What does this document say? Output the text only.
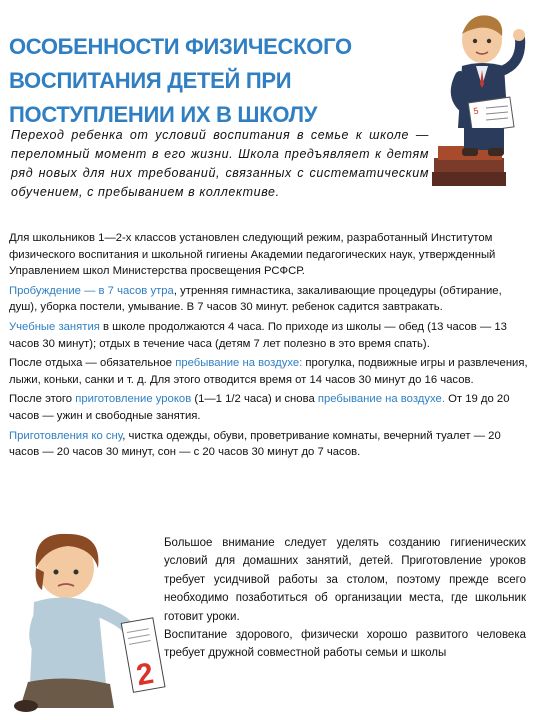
ОСОБЕННОСТИ ФИЗИЧЕСКОГО
ВОСПИТАНИЯ ДЕТЕЙ ПРИ
ПОСТУПЛЕНИИ ИХ В ШКОЛУ
Переход ребенка от условий воспитания в семье к школе — переломный момент в его жизни. Школа предъявляет к детям ряд новых для них требований, связанных с систематическим обучением, с пребыванием в коллективе.
5

Для школьников 1—2-х классов установлен следующий режим, разработанный Институтом физического воспитания и школьной гигиены Академии педагогических наук, утвержденный Управлением школ Министерства просвещения РСФСР.

Пробуждение — в 7 часов утра, утренняя гимнастика, закаливающие процедуры (обтирание, душ), уборка постели, умывание. В 7 часов 30 минут. ребенок садится завтракать.

Учебные занятия в школе продолжаются 4 часа. По приходе из школы — обед (13 часов — 13 часов 30 минут); отдых в течение часа (детям 7 лет полезно в это время спать).

После отдыха — обязательное пребывание на воздухе: прогулка, подвижные игры и развлечения, лыжи, коньки, санки и т. д. Для этого отводится время от 14 часов 30 минут до 16 часов.

После этого приготовление уроков (1—1 1/2 часа) и снова пребывание на воздухе. От 19 до 20 часов — ужин и свободные занятия.

Приготовления ко сну, чистка одежды, обуви, проветривание комнаты, вечерний туалет — 20 часов — 20 часов 30 минут, сон — с 20 часов 30 минут до 7 часов.

2

Большое внимание следует уделять созданию гигиенических условий для домашних занятий, детей. Приготовление уроков требует усидчивой работы за столом, поэтому прежде всего необходимо позаботиться об организации места, где школьник готовит уроки.

Воспитание здорового, физически хорошо развитого человека требует дружной совместной работы семьи и школы
